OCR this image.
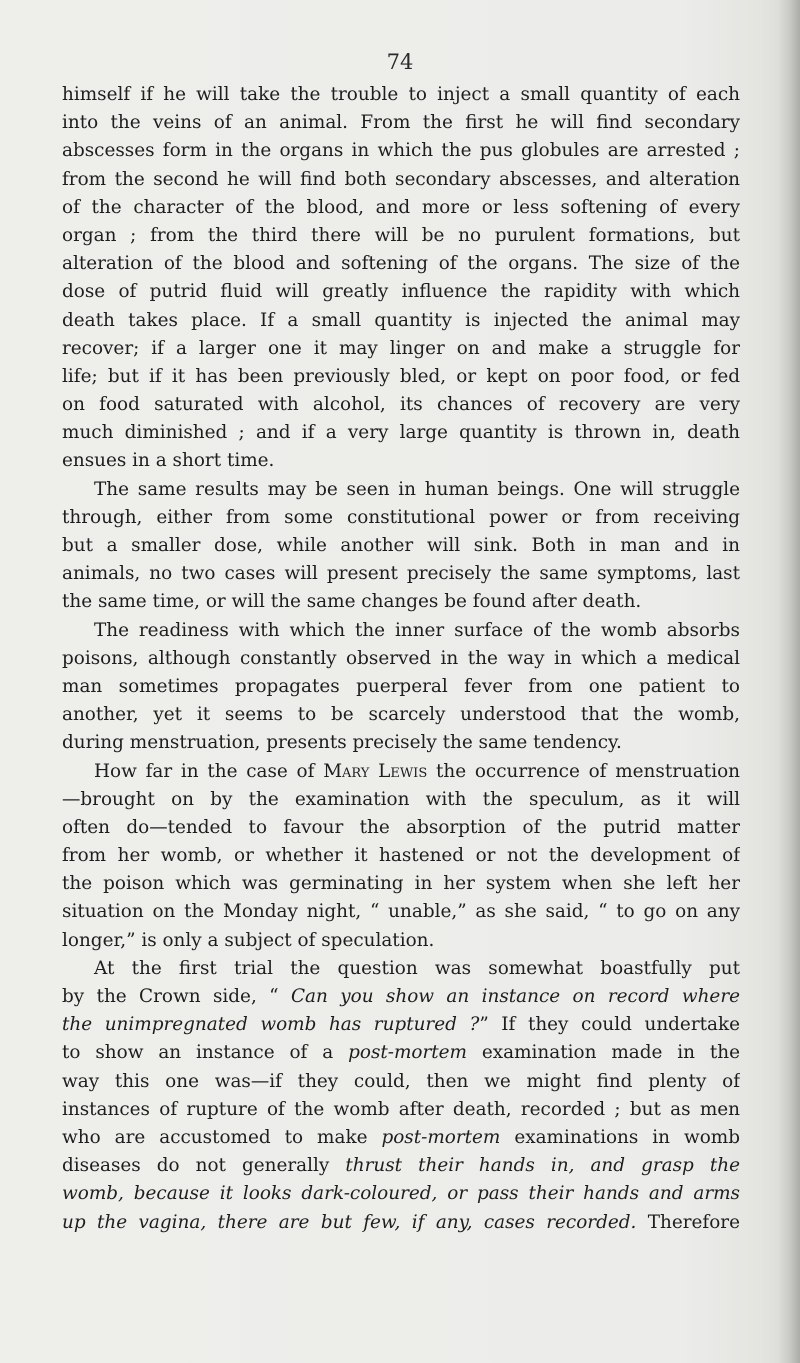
74
himself if he will take the trouble to inject a small quantity of each
into the veins of an animal. From the first he will find secondary
abscesses form in the organs in which the pus globules are arrested ;
from the second he will find both secondary abscesses, and alteration
of the character of the blood, and more or less softening of every
organ ; from the third there will be no purulent formations, but
alteration of the blood and softening of the organs. The size of the
dose of putrid fluid will greatly influence the rapidity with which
death takes place. If a small quantity is injected the animal may
recover; if a larger one it may linger on and make a struggle for
life; but if it has been previously bled, or kept on poor food, or fed
on food saturated with alcohol, its chances of recovery are very
much diminished ; and if a very large quantity is thrown in, death
ensues in a short time.
The same results may be seen in human beings. One will struggle
through, either from some constitutional power or from receiving
but a smaller dose, while another will sink. Both in man and in
animals, no two cases will present precisely the same symptoms, last
the same time, or will the same changes be found after death.
The readiness with which the inner surface of the womb absorbs
poisons, although constantly observed in the way in which a medical
man sometimes propagates puerperal fever from one patient to
another, yet it seems to be scarcely understood that the womb,
during menstruation, presents precisely the same tendency.
How far in the case of Mary Lewis the occurrence of menstruation
—brought on by the examination with the speculum, as it will
often do—tended to favour the absorption of the putrid matter
from her womb, or whether it hastened or not the development of
the poison which was germinating in her system when she left her
situation on the Monday night, “ unable,” as she said, “ to go on any
longer,” is only a subject of speculation.
At the first trial the question was somewhat boastfully put
by the Crown side, “ Can you show an instance on record where
the unimpregnated womb has ruptured ?” If they could undertake
to show an instance of a post-mortem examination made in the
way this one was—if they could, then we might find plenty of
instances of rupture of the womb after death, recorded ; but as men
who are accustomed to make post-mortem examinations in womb
diseases do not generally thrust their hands in, and grasp the
womb, because it looks dark-coloured, or pass their hands and arms
up the vagina, there are but few, if any, cases recorded. Therefore
